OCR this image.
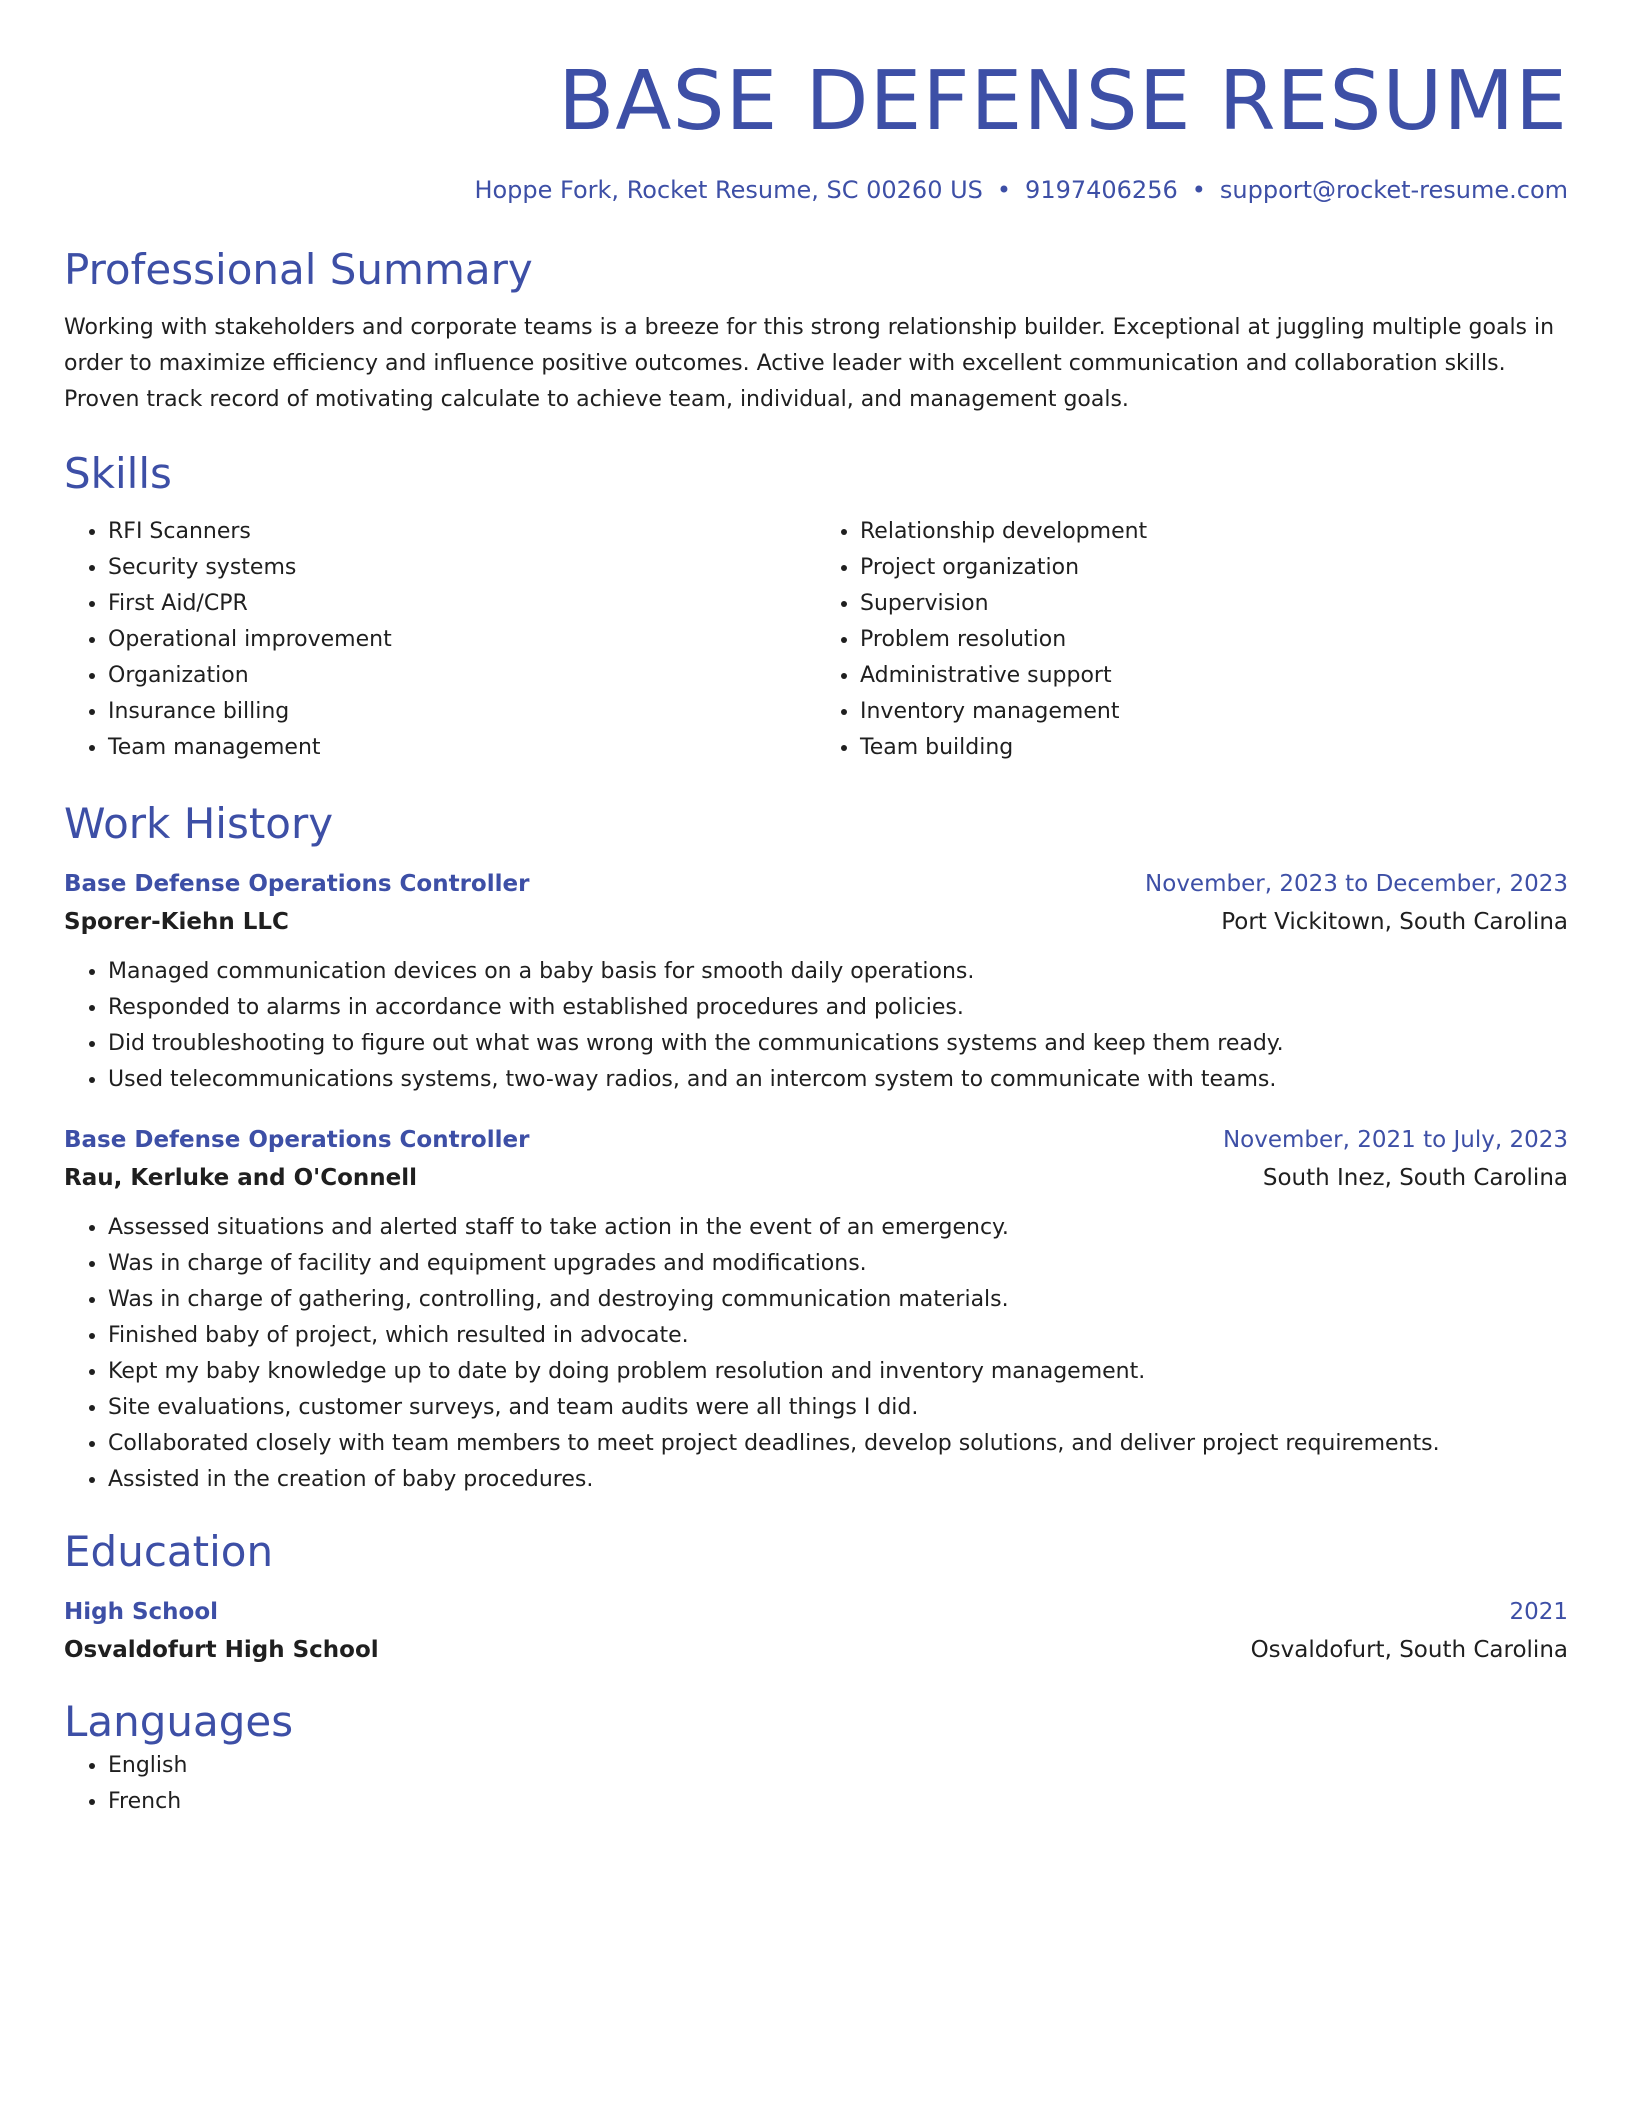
BASE DEFENSE RESUME
Hoppe Fork, Rocket Resume, SC 00260 US • 9197406256 • support@rocket-resume.com
Professional Summary

Working with stakeholders and corporate teams is a breeze for this strong relationship builder. Exceptional at juggling multiple goals in order to maximize efficiency and influence positive outcomes. Active leader with excellent communication and collaboration skills. Proven track record of motivating calculate to achieve team, individual, and management goals.

Skills
• RFI Scanners
• Security systems
• First Aid/CPR
• Operational improvement
• Organization
• Insurance billing
• Team management
• Relationship development
• Project organization
• Supervision
• Problem resolution
• Administrative support
• Inventory management
• Team building
Work History
Base Defense Operations Controller	November, 2023 to December, 2023
Sporer-Kiehn LLC	Port Vickitown, South Carolina
• Managed communication devices on a baby basis for smooth daily operations.
• Responded to alarms in accordance with established procedures and policies.
• Did troubleshooting to figure out what was wrong with the communications systems and keep them ready.
• Used telecommunications systems, two-way radios, and an intercom system to communicate with teams.
Base Defense Operations Controller	November, 2021 to July, 2023
Rau, Kerluke and O'Connell	South Inez, South Carolina
• Assessed situations and alerted staff to take action in the event of an emergency.
• Was in charge of facility and equipment upgrades and modifications.
• Was in charge of gathering, controlling, and destroying communication materials.
• Finished baby of project, which resulted in advocate.
• Kept my baby knowledge up to date by doing problem resolution and inventory management.
• Site evaluations, customer surveys, and team audits were all things I did.
• Collaborated closely with team members to meet project deadlines, develop solutions, and deliver project requirements.
• Assisted in the creation of baby procedures.
Education
High School	2021
Osvaldofurt High School	Osvaldofurt, South Carolina
Languages
• English
• French
